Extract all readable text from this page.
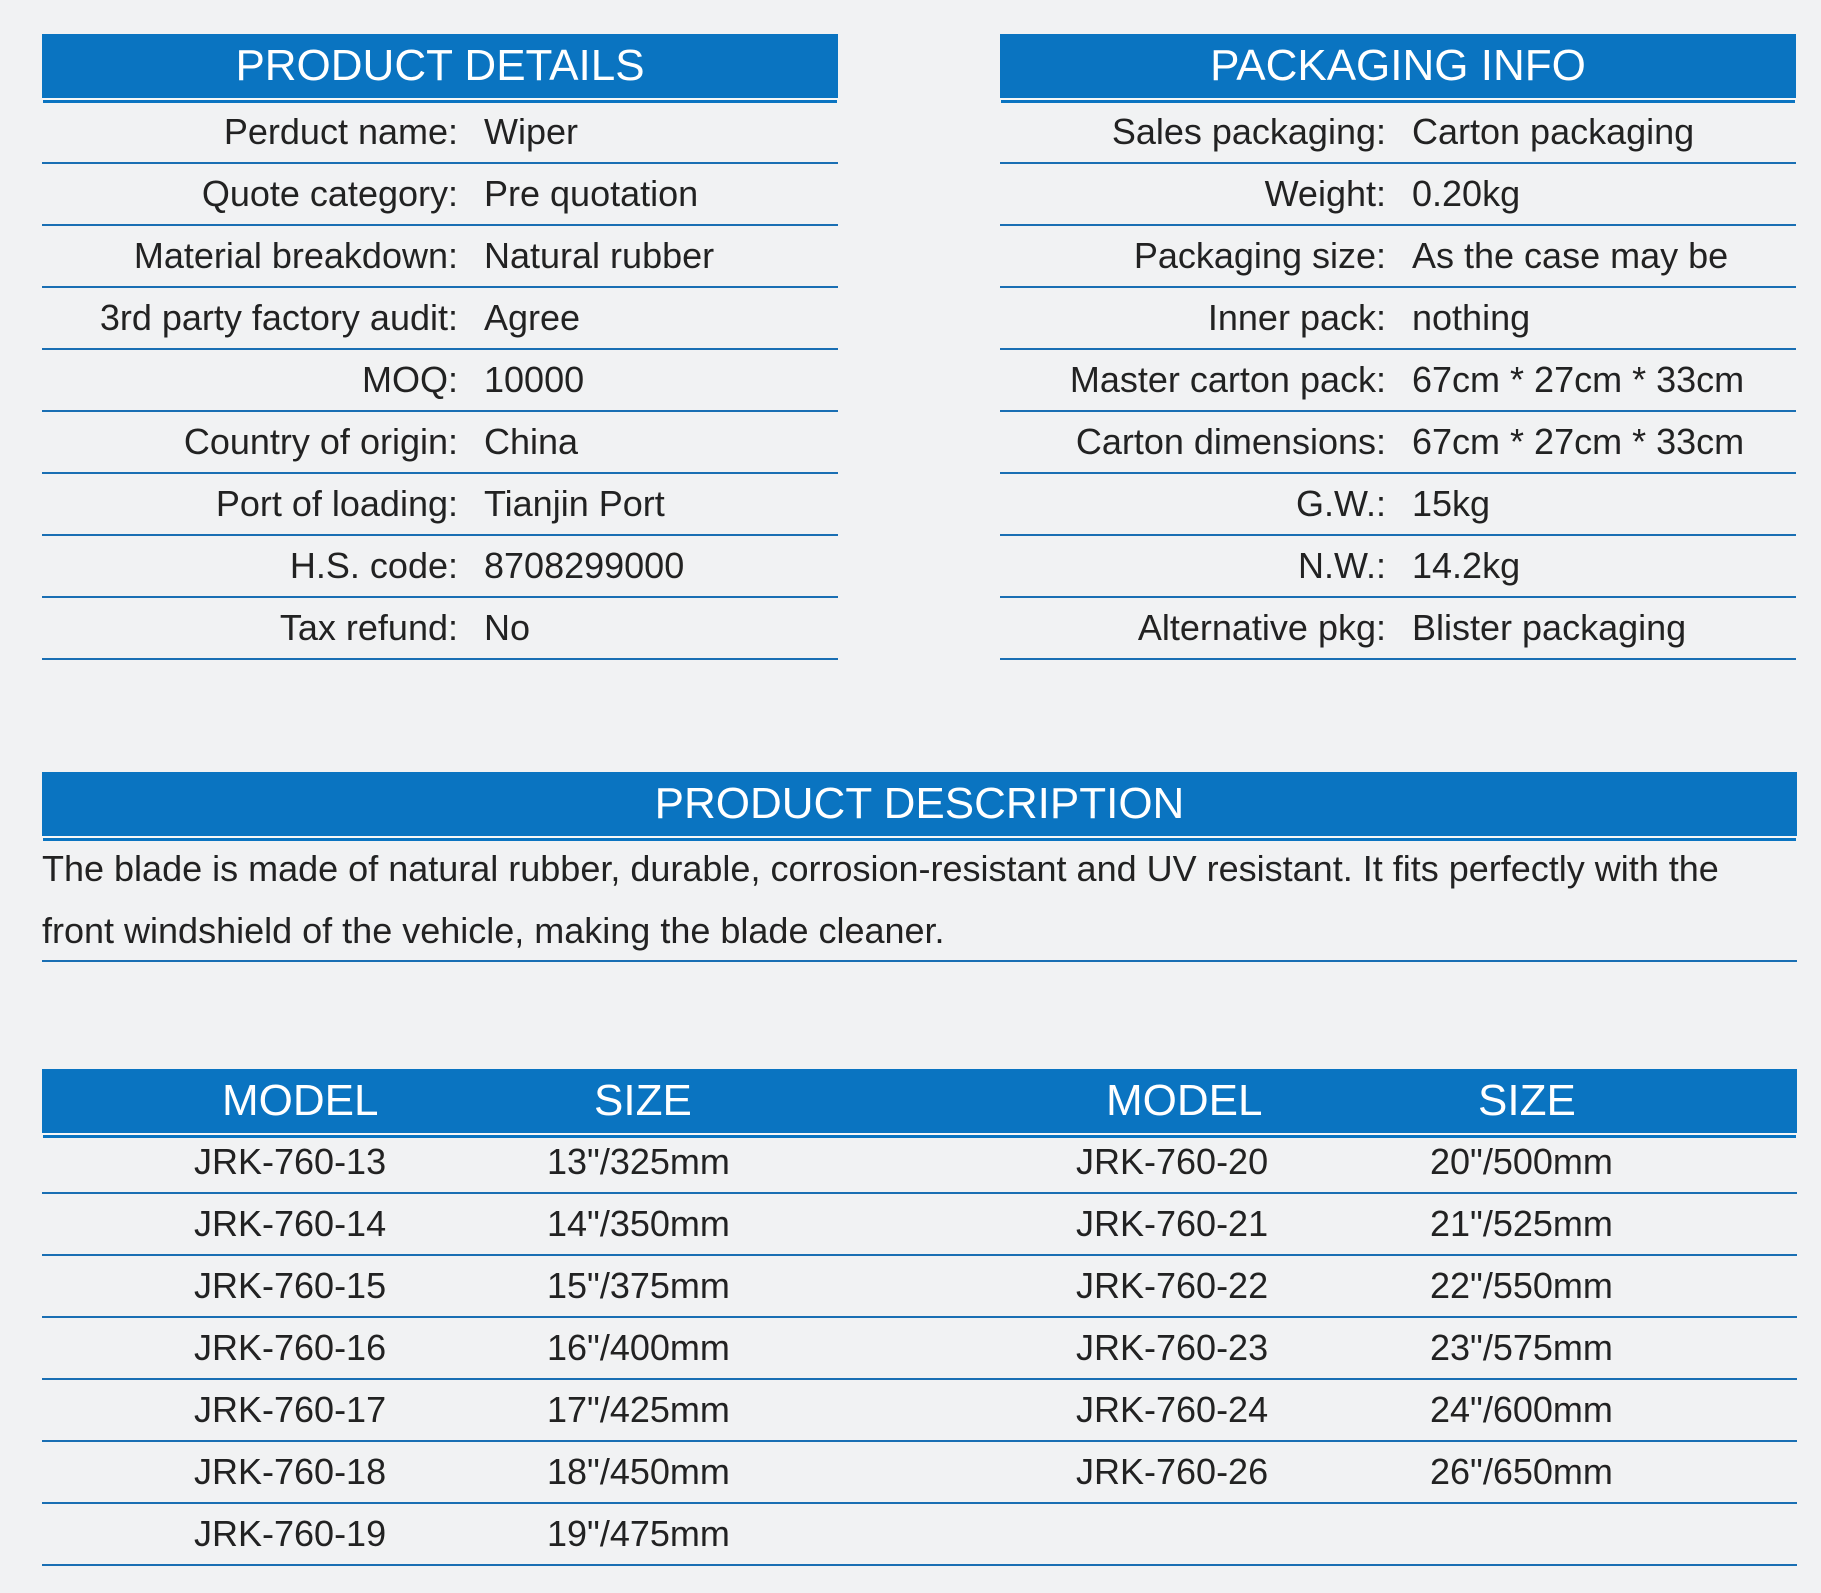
PRODUCT DETAILS
Perduct name: Wiper
Quote category: Pre quotation
Material breakdown: Natural rubber
3rd party factory audit: Agree
MOQ: 10000
Country of origin: China
Port of loading: Tianjin Port
H.S. code: 8708299000
Tax refund: No
PACKAGING INFO
Sales packaging: Carton packaging
Weight: 0.20kg
Packaging size: As the case may be
Inner pack: nothing
Master carton pack: 67cm * 27cm * 33cm
Carton dimensions: 67cm * 27cm * 33cm
G.W.: 15kg
N.W.: 14.2kg
Alternative pkg: Blister packaging
PRODUCT DESCRIPTION
The blade is made of natural rubber, durable, corrosion-resistant and UV resistant. It fits perfectly with the
front windshield of the vehicle, making the blade cleaner.
MODEL	SIZE	MODEL	SIZE
JRK-760-13	13"/325mm	JRK-760-20	20"/500mm
JRK-760-14	14"/350mm	JRK-760-21	21"/525mm
JRK-760-15	15"/375mm	JRK-760-22	22"/550mm
JRK-760-16	16"/400mm	JRK-760-23	23"/575mm
JRK-760-17	17"/425mm	JRK-760-24	24"/600mm
JRK-760-18	18"/450mm	JRK-760-26	26"/650mm
JRK-760-19	19"/475mm
